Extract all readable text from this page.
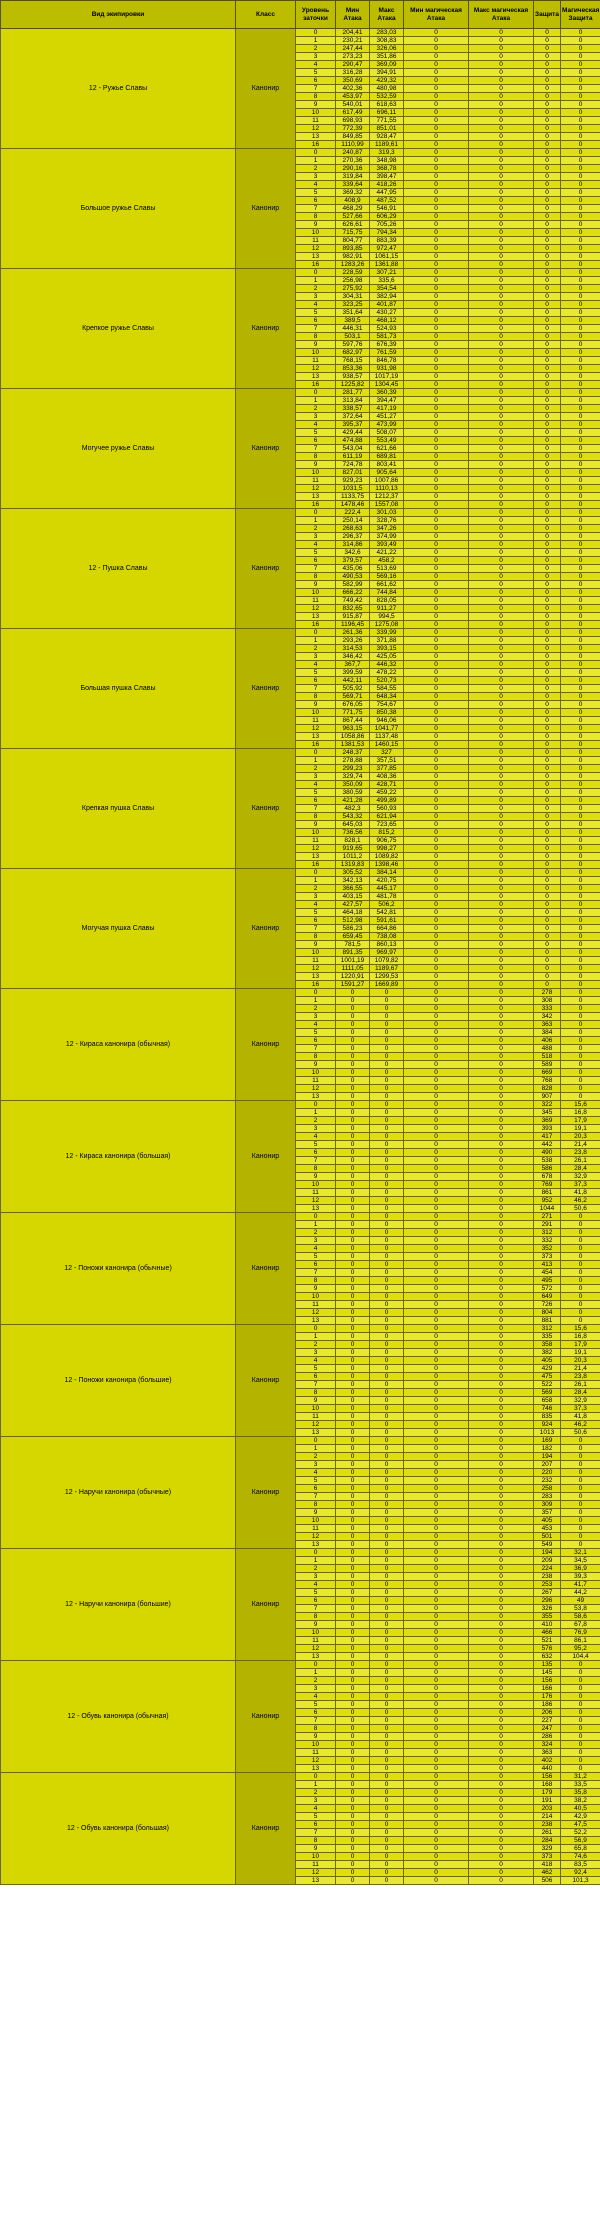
Вид экипировки	Класс	Уровень заточки	Мин Атака	Макс Атака	Мин магическая Атака	Макс магическая Атака	Защита	Магическая Защита
12 - Ружье Славы	Канонир	0	204,41	283,03	0	0	0	0
		1	230,21	308,83	0	0	0	0
		2	247,44	326,06	0	0	0	0
		3	273,23	351,86	0	0	0	0
		4	290,47	369,09	0	0	0	0
		5	316,28	394,91	0	0	0	0
		6	350,69	429,32	0	0	0	0
		7	402,36	480,98	0	0	0	0
		8	453,97	532,59	0	0	0	0
		9	540,01	618,63	0	0	0	0
		10	617,49	696,11	0	0	0	0
		11	698,93	771,55	0	0	0	0
		12	772,39	851,01	0	0	0	0
		13	849,85	928,47	0	0	0	0
		16	1110,99	1189,61	0	0	0	0
Большое ружье Славы	Канонир	0	240,87	319,3	0	0	0	0
		1	270,36	348,98	0	0	0	0
		2	290,16	368,78	0	0	0	0
		3	319,84	398,47	0	0	0	0
		4	339,64	418,26	0	0	0	0
		5	369,32	447,95	0	0	0	0
		6	408,9	487,52	0	0	0	0
		7	468,29	546,91	0	0	0	0
		8	527,66	606,29	0	0	0	0
		9	626,61	705,26	0	0	0	0
		10	715,75	794,34	0	0	0	0
		11	804,77	883,39	0	0	0	0
		12	893,85	972,47	0	0	0	0
		13	982,91	1061,15	0	0	0	0
		16	1283,26	1361,88	0	0	0	0
Крепкое ружье Славы	Канонир	0	228,59	307,21	0	0	0	0
		1	256,98	335,6	0	0	0	0
		2	275,92	354,54	0	0	0	0
		3	304,31	382,94	0	0	0	0
		4	323,25	401,87	0	0	0	0
		5	351,64	430,27	0	0	0	0
		6	389,5	468,12	0	0	0	0
		7	446,31	524,93	0	0	0	0
		8	503,1	581,73	0	0	0	0
		9	597,76	676,39	0	0	0	0
		10	682,97	761,59	0	0	0	0
		11	768,15	846,78	0	0	0	0
		12	853,36	931,98	0	0	0	0
		13	938,57	1017,19	0	0	0	0
		16	1225,82	1304,45	0	0	0	0
Могучее ружье Славы	Канонир	0	281,77	360,39	0	0	0	0
		1	313,84	394,47	0	0	0	0
		2	338,57	417,19	0	0	0	0
		3	372,64	451,27	0	0	0	0
		4	395,37	473,99	0	0	0	0
		5	429,44	508,07	0	0	0	0
		6	474,88	553,49	0	0	0	0
		7	543,04	621,66	0	0	0	0
		8	611,19	689,81	0	0	0	0
		9	724,78	803,41	0	0	0	0
		10	827,01	905,64	0	0	0	0
		11	929,23	1007,86	0	0	0	0
		12	1031,5	1110,13	0	0	0	0
		13	1133,75	1212,37	0	0	0	0
		16	1478,46	1557,08	0	0	0	0
12 - Пушка Славы	Канонир	0	222,4	301,03	0	0	0	0
		1	250,14	328,76	0	0	0	0
		2	268,63	347,26	0	0	0	0
		3	296,37	374,99	0	0	0	0
		4	314,86	393,49	0	0	0	0
		5	342,6	421,22	0	0	0	0
		6	379,57	458,2	0	0	0	0
		7	435,06	513,69	0	0	0	0
		8	490,53	569,16	0	0	0	0
		9	582,99	661,62	0	0	0	0
		10	666,22	744,84	0	0	0	0
		11	749,42	828,05	0	0	0	0
		12	832,65	911,27	0	0	0	0
		13	915,87	994,5	0	0	0	0
		16	1196,45	1275,08	0	0	0	0
Большая пушка Славы	Канонир	0	261,36	339,99	0	0	0	0
		1	293,26	371,88	0	0	0	0
		2	314,53	393,15	0	0	0	0
		3	346,42	425,05	0	0	0	0
		4	367,7	446,32	0	0	0	0
		5	399,59	478,22	0	0	0	0
		6	442,11	520,73	0	0	0	0
		7	505,92	584,55	0	0	0	0
		8	569,71	648,34	0	0	0	0
		9	676,05	754,67	0	0	0	0
		10	771,75	850,38	0	0	0	0
		11	867,44	946,06	0	0	0	0
		12	963,15	1041,77	0	0	0	0
		13	1058,86	1137,48	0	0	0	0
		16	1381,53	1460,15	0	0	0	0
Крепкая пушка Славы	Канонир	0	248,37	327	0	0	0	0
		1	278,88	357,51	0	0	0	0
		2	299,23	377,85	0	0	0	0
		3	329,74	408,36	0	0	0	0
		4	350,09	428,71	0	0	0	0
		5	380,59	459,22	0	0	0	0
		6	421,28	499,89	0	0	0	0
		7	482,3	560,93	0	0	0	0
		8	543,32	621,94	0	0	0	0
		9	645,03	723,65	0	0	0	0
		10	736,56	815,2	0	0	0	0
		11	828,1	906,75	0	0	0	0
		12	919,65	998,27	0	0	0	0
		13	1011,2	1089,82	0	0	0	0
		16	1319,83	1398,46	0	0	0	0
Могучая пушка Славы	Канонир	0	305,52	384,14	0	0	0	0
		1	342,13	420,75	0	0	0	0
		2	366,55	445,17	0	0	0	0
		3	403,15	481,78	0	0	0	0
		4	427,57	506,2	0	0	0	0
		5	464,18	542,81	0	0	0	0
		6	512,98	591,61	0	0	0	0
		7	586,23	664,86	0	0	0	0
		8	659,45	738,08	0	0	0	0
		9	781,5	860,13	0	0	0	0
		10	891,35	969,97	0	0	0	0
		11	1001,19	1079,82	0	0	0	0
		12	1111,05	1189,67	0	0	0	0
		13	1220,91	1299,53	0	0	0	0
		16	1591,27	1669,89	0	0	0	0
12 - Кираса канонира (обычная)	Канонир	0	0	0	0	0	278	0
		1	0	0	0	0	308	0
		2	0	0	0	0	333	0
		3	0	0	0	0	342	0
		4	0	0	0	0	363	0
		5	0	0	0	0	384	0
		6	0	0	0	0	406	0
		7	0	0	0	0	488	0
		8	0	0	0	0	518	0
		9	0	0	0	0	589	0
		10	0	0	0	0	669	0
		11	0	0	0	0	768	0
		12	0	0	0	0	828	0
		13	0	0	0	0	907	0
12 - Кираса канонира (большая)	Канонир	0	0	0	0	0	322	15,6
		1	0	0	0	0	345	16,8
		2	0	0	0	0	369	17,9
		3	0	0	0	0	393	19,1
		4	0	0	0	0	417	20,3
		5	0	0	0	0	442	21,4
		6	0	0	0	0	490	23,8
		7	0	0	0	0	538	26,1
		8	0	0	0	0	586	28,4
		9	0	0	0	0	678	32,9
		10	0	0	0	0	769	37,3
		11	0	0	0	0	861	41,8
		12	0	0	0	0	952	46,2
		13	0	0	0	0	1044	50,6
12 - Поножи канонира (обычные)	Канонир	0	0	0	0	0	271	0
		1	0	0	0	0	291	0
		2	0	0	0	0	312	0
		3	0	0	0	0	332	0
		4	0	0	0	0	352	0
		5	0	0	0	0	373	0
		6	0	0	0	0	413	0
		7	0	0	0	0	454	0
		8	0	0	0	0	495	0
		9	0	0	0	0	572	0
		10	0	0	0	0	649	0
		11	0	0	0	0	726	0
		12	0	0	0	0	804	0
		13	0	0	0	0	881	0
12 - Поножи канонира (большие)	Канонир	0	0	0	0	0	312	15,6
		1	0	0	0	0	335	16,8
		2	0	0	0	0	358	17,9
		3	0	0	0	0	382	19,1
		4	0	0	0	0	405	20,3
		5	0	0	0	0	429	21,4
		6	0	0	0	0	475	23,8
		7	0	0	0	0	522	26,1
		8	0	0	0	0	569	28,4
		9	0	0	0	0	658	32,9
		10	0	0	0	0	746	37,3
		11	0	0	0	0	835	41,8
		12	0	0	0	0	924	46,2
		13	0	0	0	0	1013	50,6
12 - Наручи канонира (обычные)	Канонир	0	0	0	0	0	169	0
		1	0	0	0	0	182	0
		2	0	0	0	0	194	0
		3	0	0	0	0	207	0
		4	0	0	0	0	220	0
		5	0	0	0	0	232	0
		6	0	0	0	0	258	0
		7	0	0	0	0	283	0
		8	0	0	0	0	309	0
		9	0	0	0	0	357	0
		10	0	0	0	0	405	0
		11	0	0	0	0	453	0
		12	0	0	0	0	501	0
		13	0	0	0	0	549	0
12 - Наручи канонира (большие)	Канонир	0	0	0	0	0	194	32,1
		1	0	0	0	0	209	34,5
		2	0	0	0	0	224	36,9
		3	0	0	0	0	238	39,3
		4	0	0	0	0	253	41,7
		5	0	0	0	0	267	44,2
		6	0	0	0	0	296	49
		7	0	0	0	0	326	53,8
		8	0	0	0	0	355	58,6
		9	0	0	0	0	410	67,8
		10	0	0	0	0	466	76,9
		11	0	0	0	0	521	86,1
		12	0	0	0	0	576	95,2
		13	0	0	0	0	632	104,4
12 - Обувь канонира (обычная)	Канонир	0	0	0	0	0	135	0
		1	0	0	0	0	145	0
		2	0	0	0	0	156	0
		3	0	0	0	0	166	0
		4	0	0	0	0	176	0
		5	0	0	0	0	186	0
		6	0	0	0	0	206	0
		7	0	0	0	0	227	0
		8	0	0	0	0	247	0
		9	0	0	0	0	286	0
		10	0	0	0	0	324	0
		11	0	0	0	0	363	0
		12	0	0	0	0	402	0
		13	0	0	0	0	440	0
12 - Обувь канонира (большая)	Канонир	0	0	0	0	0	156	31,2
		1	0	0	0	0	168	33,5
		2	0	0	0	0	179	35,8
		3	0	0	0	0	191	38,2
		4	0	0	0	0	203	40,5
		5	0	0	0	0	214	42,9
		6	0	0	0	0	238	47,5
		7	0	0	0	0	261	52,2
		8	0	0	0	0	284	56,9
		9	0	0	0	0	329	65,8
		10	0	0	0	0	373	74,6
		11	0	0	0	0	418	83,5
		12	0	0	0	0	462	92,4
		13	0	0	0	0	506	101,3
